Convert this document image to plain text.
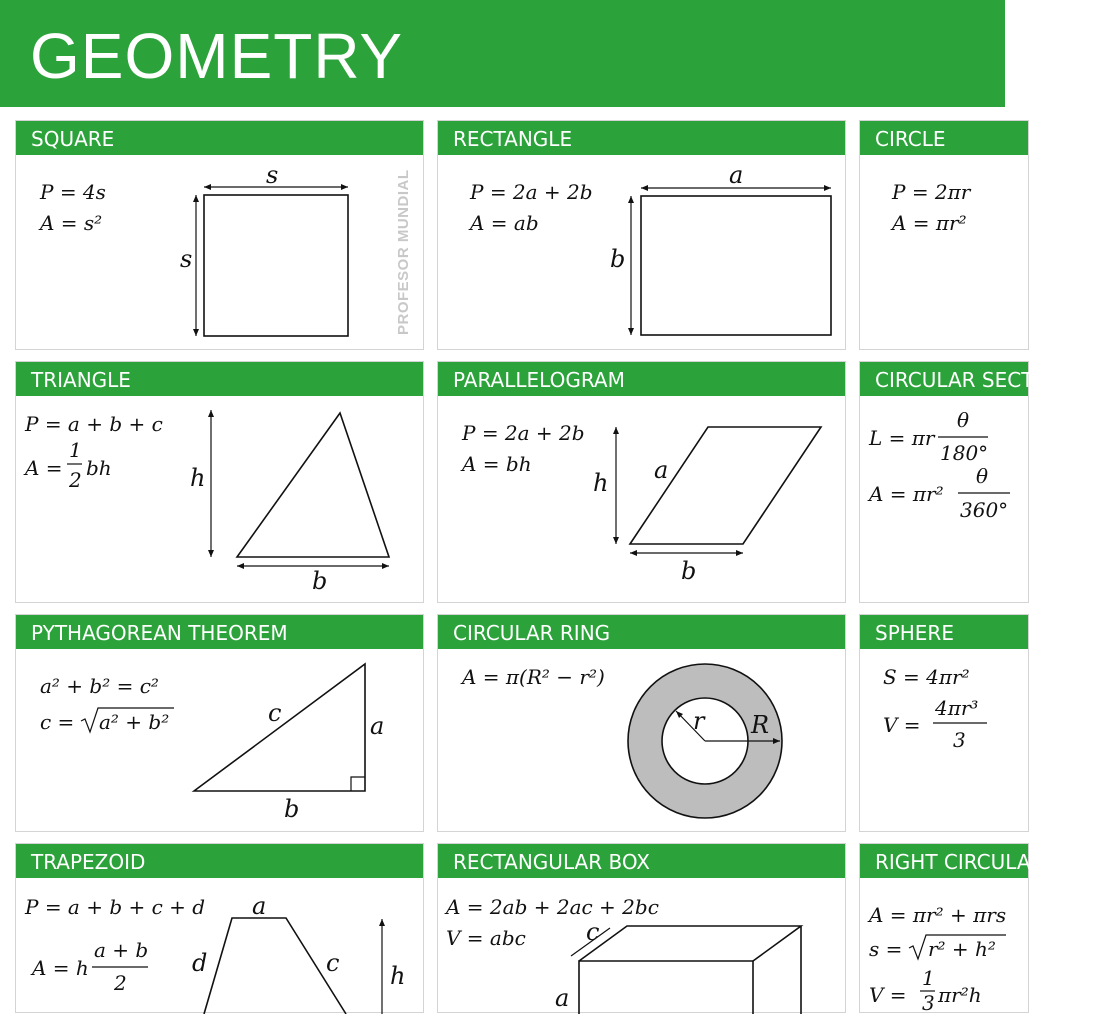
GEOMETRY
SQUARE
P = 4s
A = s²
s
s	PROFESOR MUNDIAL
RECTANGLE
P = 2a + 2b
A = ab
a
b
CIRCLE
P = 2πr
A = πr²
TRIANGLE
P = a + b + c
A =
1
2 bh	h
b
PARALLELOGRAM
P = 2a + 2b
A = bh
h a
b
CIRCULAR SECTOR
L = πr
θ
180°
A = πr²
θ
360°
PYTHAGOREAN THEOREM
a² + b² = c²
c = a² + b²	c	a
b
CIRCULAR RING
A = π(R² − r²)
r R
SPHERE
S = 4πr²
V =
4πr³
3
TRAPEZOID
P = a + b + c + d
A = h
a + b
2
a
d	c h
RECTANGULAR BOX
A = 2ab + 2ac + 2bc
V = abc	c
a
RIGHT CIRCULAR CONE
A = πr² + πrs
s = r² + h²
V =
1
3 πr²h
